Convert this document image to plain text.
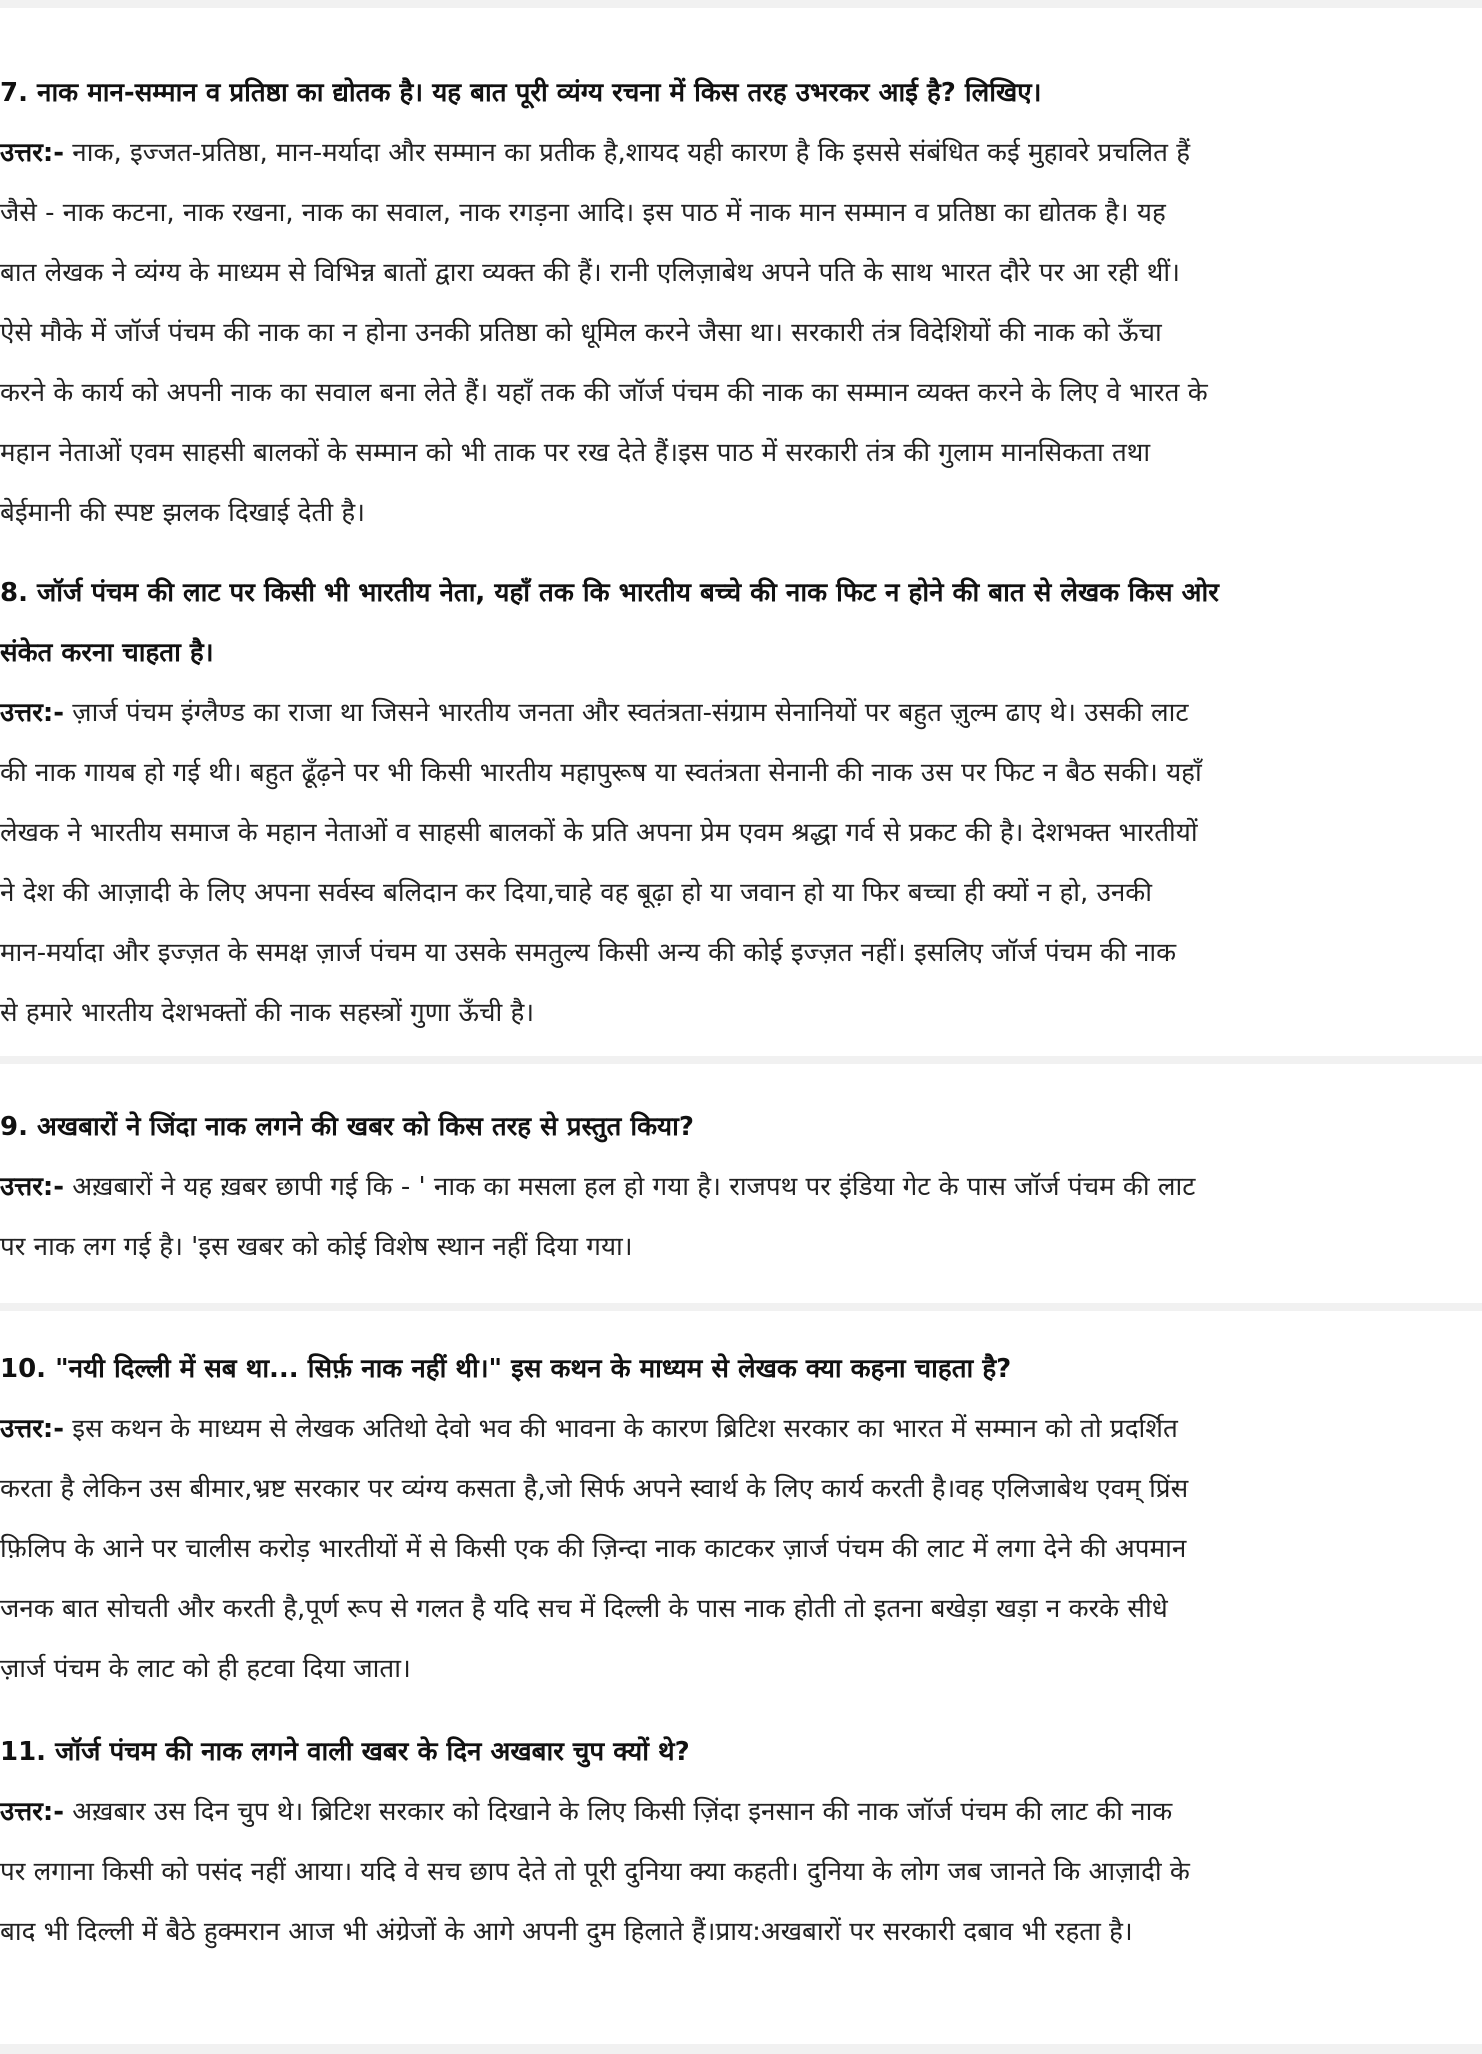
7. नाक मान-सम्मान व प्रतिष्ठा का द्योतक है। यह बात पूरी व्यंग्य रचना में किस तरह उभरकर आई है? लिखिए।
उत्तर:- नाक, इज्जत-प्रतिष्ठा, मान-मर्यादा और सम्मान का प्रतीक है,शायद यही कारण है कि इससे संबंधित कई मुहावरे प्रचलित हैं
जैसे - नाक कटना, नाक रखना, नाक का सवाल, नाक रगड़ना आदि। इस पाठ में नाक मान सम्मान व प्रतिष्ठा का द्योतक है। यह
बात लेखक ने व्यंग्य के माध्यम से विभिन्न बातों द्वारा व्यक्त की हैं। रानी एलिज़ाबेथ अपने पति के साथ भारत दौरे पर आ रही थीं।
ऐसे मौके में जॉर्ज पंचम की नाक का न होना उनकी प्रतिष्ठा को धूमिल करने जैसा था। सरकारी तंत्र विदेशियों की नाक को ऊँचा
करने के कार्य को अपनी नाक का सवाल बना लेते हैं। यहाँ तक की जॉर्ज पंचम की नाक का सम्मान व्यक्त करने के लिए वे भारत के
महान नेताओं एवम साहसी बालकों के सम्मान को भी ताक पर रख देते हैं।इस पाठ में सरकारी तंत्र की गुलाम मानसिकता तथा
बेईमानी की स्पष्ट झलक दिखाई देती है।
8. जॉर्ज पंचम की लाट पर किसी भी भारतीय नेता, यहाँ तक कि भारतीय बच्चे की नाक फिट न होने की बात से लेखक किस ओर
संकेत करना चाहता है।
उत्तर:- ज़ार्ज पंचम इंग्लैण्ड का राजा था जिसने भारतीय जनता और स्वतंत्रता-संग्राम सेनानियों पर बहुत ज़ुल्म ढाए थे। उसकी लाट
की नाक गायब हो गई थी। बहुत ढूँढ़ने पर भी किसी भारतीय महापुरूष या स्वतंत्रता सेनानी की नाक उस पर फिट न बैठ सकी। यहाँ
लेखक ने भारतीय समाज के महान नेताओं व साहसी बालकों के प्रति अपना प्रेम एवम श्रद्धा गर्व से प्रकट की है। देशभक्त भारतीयों
ने देश की आज़ादी के लिए अपना सर्वस्व बलिदान कर दिया,चाहे वह बूढ़ा हो या जवान हो या फिर बच्चा ही क्यों न हो, उनकी
मान-मर्यादा और इज्ज़त के समक्ष ज़ार्ज पंचम या उसके समतुल्य किसी अन्य की कोई इज्ज़त नहीं। इसलिए जॉर्ज पंचम की नाक
से हमारे भारतीय देशभक्तों की नाक सहस्त्रों गुणा ऊँची है।
9. अखबारों ने जिंदा नाक लगने की खबर को किस तरह से प्रस्तुत किया?
उत्तर:- अख़बारों ने यह ख़बर छापी गई कि - ' नाक का मसला हल हो गया है। राजपथ पर इंडिया गेट के पास जॉर्ज पंचम की लाट
पर नाक लग गई है। 'इस खबर को कोई विशेष स्थान नहीं दिया गया।
10. "नयी दिल्ली में सब था... सिर्फ़ नाक नहीं थी।" इस कथन के माध्यम से लेखक क्या कहना चाहता है?
उत्तर:- इस कथन के माध्यम से लेखक अतिथो देवो भव की भावना के कारण ब्रिटिश सरकार का भारत में सम्मान को तो प्रदर्शित
करता है लेकिन उस बीमार,भ्रष्ट सरकार पर व्यंग्य कसता है,जो सिर्फ अपने स्वार्थ के लिए कार्य करती है।वह एलिजाबेथ एवम् प्रिंस
फ़िलिप के आने पर चालीस करोड़ भारतीयों में से किसी एक की ज़िन्दा नाक काटकर ज़ार्ज पंचम की लाट में लगा देने की अपमान
जनक बात सोचती और करती है,पूर्ण रूप से गलत है यदि सच में दिल्ली के पास नाक होती तो इतना बखेड़ा खड़ा न करके सीधे
ज़ार्ज पंचम के लाट को ही हटवा दिया जाता।
11. जॉर्ज पंचम की नाक लगने वाली खबर के दिन अखबार चुप क्यों थे?
उत्तर:- अख़बार उस दिन चुप थे। ब्रिटिश सरकार को दिखाने के लिए किसी ज़िंदा इनसान की नाक जॉर्ज पंचम की लाट की नाक
पर लगाना किसी को पसंद नहीं आया। यदि वे सच छाप देते तो पूरी दुनिया क्या कहती। दुनिया के लोग जब जानते कि आज़ादी के
बाद भी दिल्ली में बैठे हुक्मरान आज भी अंग्रेजों के आगे अपनी दुम हिलाते हैं।प्राय:अखबारों पर सरकारी दबाव भी रहता है।
